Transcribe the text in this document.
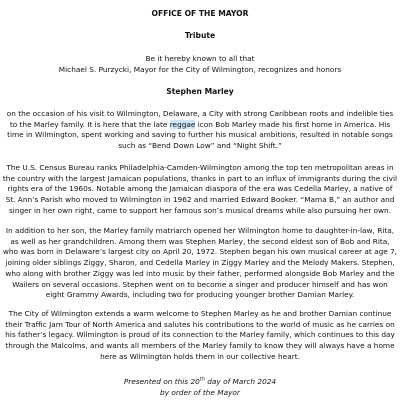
OFFICE OF THE MAYOR
Tribute

Be it hereby known to all that

Michael S. Purzycki, Mayor for the City of Wilmington, recognizes and honors

Stephen Marley

on the occasion of his visit to Wilmington, Delaware, a City with strong Caribbean roots and indelible ties to the Marley family. It is here that the late reggae icon Bob Marley made his first home in America. His time in Wilmington, spent working and saving to further his musical ambitions, resulted in notable songs such as “Bend Down Low” and “Night Shift.”

The U.S. Census Bureau ranks Philadelphia-Camden-Wilmington among the top ten metropolitan areas in the country with the largest Jamaican populations, thanks in part to an influx of immigrants during the civil rights era of the 1960s. Notable among the Jamaican diaspora of the era was Cedella Marley, a native of St. Ann’s Parish who moved to Wilmington in 1962 and married Edward Booker. “Mama B,” an author and singer in her own right, came to support her famous son’s musical dreams while also pursuing her own.

In addition to her son, the Marley family matriarch opened her Wilmington home to daughter-in-law, Rita, as well as her grandchildren. Among them was Stephen Marley, the second eldest son of Bob and Rita, who was born in Delaware’s largest city on April 20, 1972. Stephen began his own musical career at age 7, joining older siblings Ziggy, Sharon, and Cedella Marley in Ziggy Marley and the Melody Makers. Stephen, who along with brother Ziggy was led into music by their father, performed alongside Bob Marley and the Wailers on several occasions. Stephen went on to become a singer and producer himself and has won eight Grammy Awards, including two for producing younger brother Damian Marley.

The City of Wilmington extends a warm welcome to Stephen Marley as he and brother Damian continue their Traffic Jam Tour of North America and salutes his contributions to the world of music as he carries on his father’s legacy. Wilmington is proud of its connection to the Marley family, which continues to this day through the Malcolms, and wants all members of the Marley family to know they will always have a home here as Wilmington holds them in our collective heart.

Presented on this 20th day of March 2024

by order of the Mayor
